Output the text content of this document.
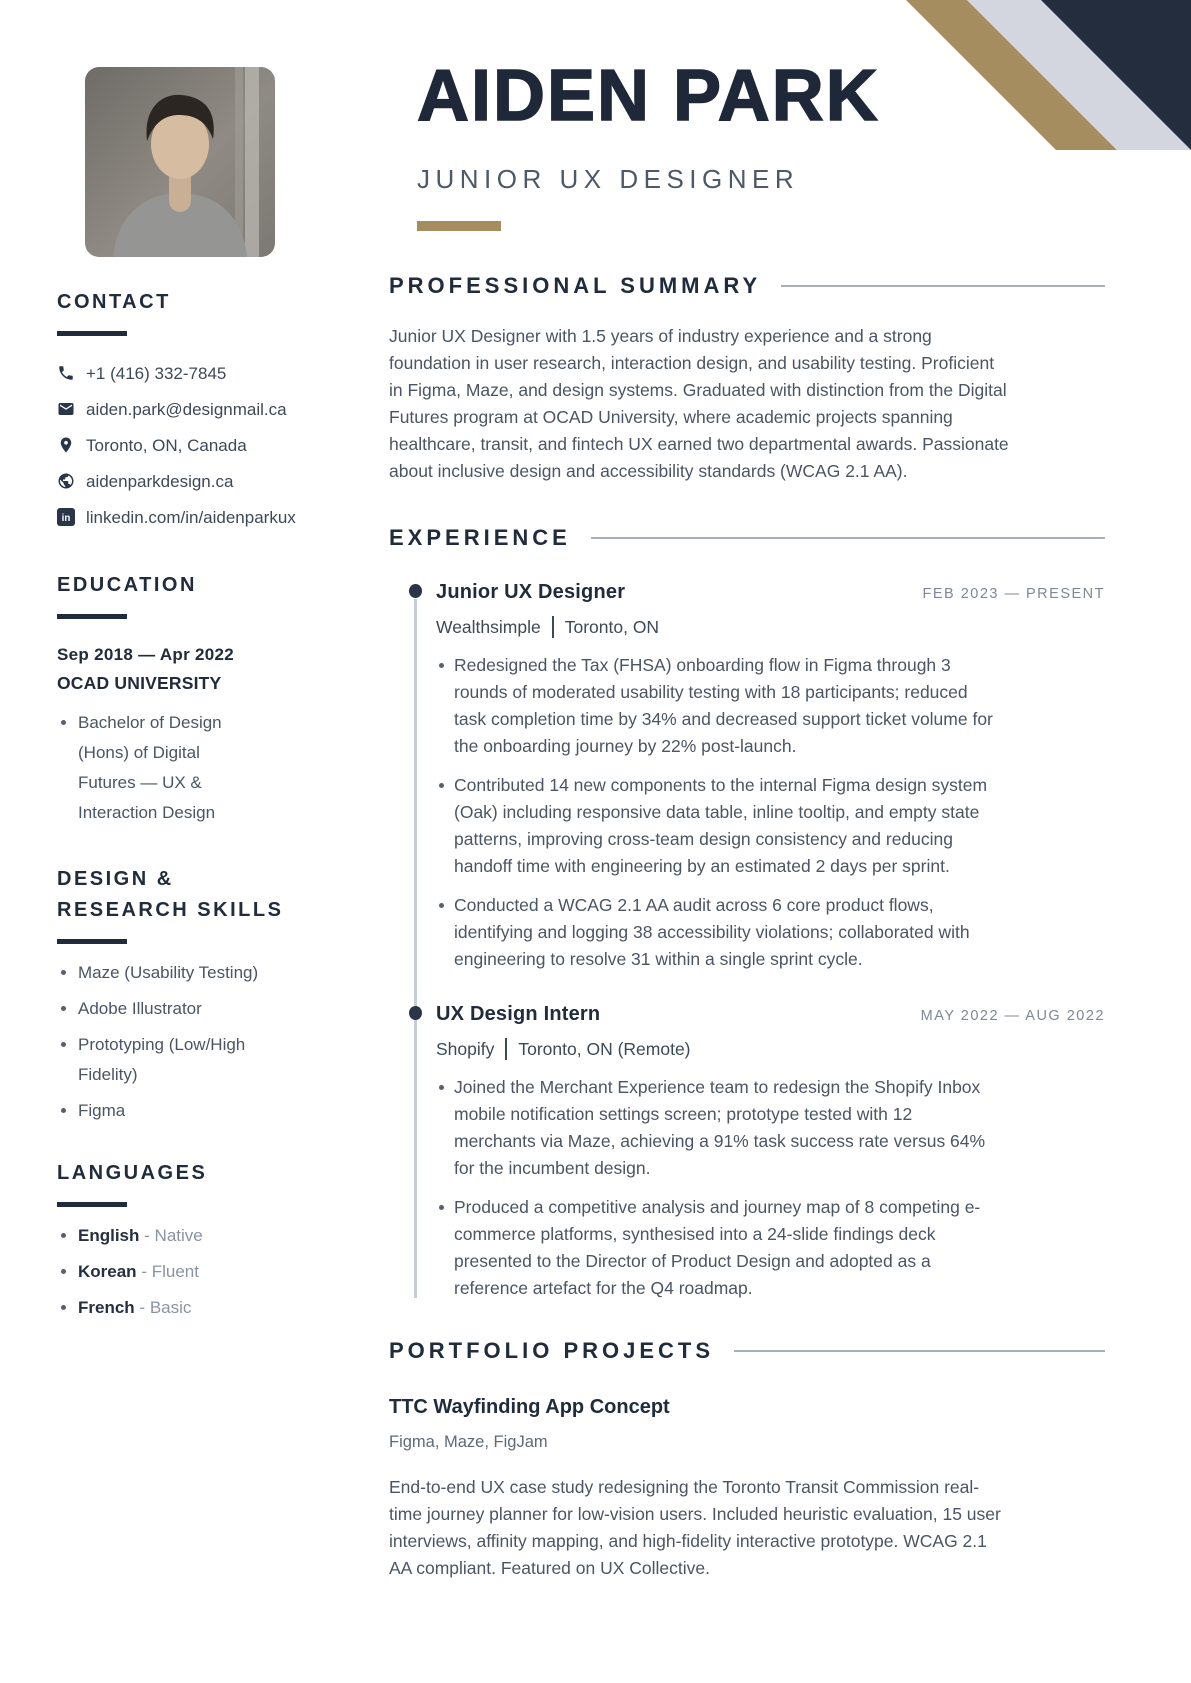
CONTACT
+1 (416) 332-7845
aiden.park@designmail.ca
Toronto, ON, Canada
aidenparkdesign.ca
in linkedin.com/in/aidenparkux
EDUCATION
Sep 2018 — Apr 2022
OCAD UNIVERSITY
Bachelor of Design (Hons) of Digital Futures — UX & Interaction Design
DESIGN &
RESEARCH SKILLS
Maze (Usability Testing)
Adobe Illustrator
Prototyping (Low/High Fidelity)
Figma
LANGUAGES
English - Native
Korean - Fluent
French - Basic
AIDEN PARK
JUNIOR UX DESIGNER
PROFESSIONAL SUMMARY

Junior UX Designer with 1.5 years of industry experience and a strong foundation in user research, interaction design, and usability testing. Proficient in Figma, Maze, and design systems. Graduated with distinction from the Digital Futures program at OCAD University, where academic projects spanning healthcare, transit, and fintech UX earned two departmental awards. Passionate about inclusive design and accessibility standards (WCAG 2.1 AA).

EXPERIENCE
Junior UX Designer	FEB 2023 — PRESENT
Wealthsimple Toronto, ON
Redesigned the Tax (FHSA) onboarding flow in Figma through 3 rounds of moderated usability testing with 18 participants; reduced task completion time by 34% and decreased support ticket volume for the onboarding journey by 22% post-launch.
Contributed 14 new components to the internal Figma design system (Oak) including responsive data table, inline tooltip, and empty state patterns, improving cross-team design consistency and reducing handoff time with engineering by an estimated 2 days per sprint.
Conducted a WCAG 2.1 AA audit across 6 core product flows, identifying and logging 38 accessibility violations; collaborated with engineering to resolve 31 within a single sprint cycle.
UX Design Intern	MAY 2022 — AUG 2022
Shopify Toronto, ON (Remote)
Joined the Merchant Experience team to redesign the Shopify Inbox mobile notification settings screen; prototype tested with 12 merchants via Maze, achieving a 91% task success rate versus 64% for the incumbent design.
Produced a competitive analysis and journey map of 8 competing e-commerce platforms, synthesised into a 24-slide findings deck presented to the Director of Product Design and adopted as a reference artefact for the Q4 roadmap.
PORTFOLIO PROJECTS
TTC Wayfinding App Concept
Figma, Maze, FigJam

End-to-end UX case study redesigning the Toronto Transit Commission real-time journey planner for low-vision users. Included heuristic evaluation, 15 user interviews, affinity mapping, and high-fidelity interactive prototype. WCAG 2.1 AA compliant. Featured on UX Collective.
